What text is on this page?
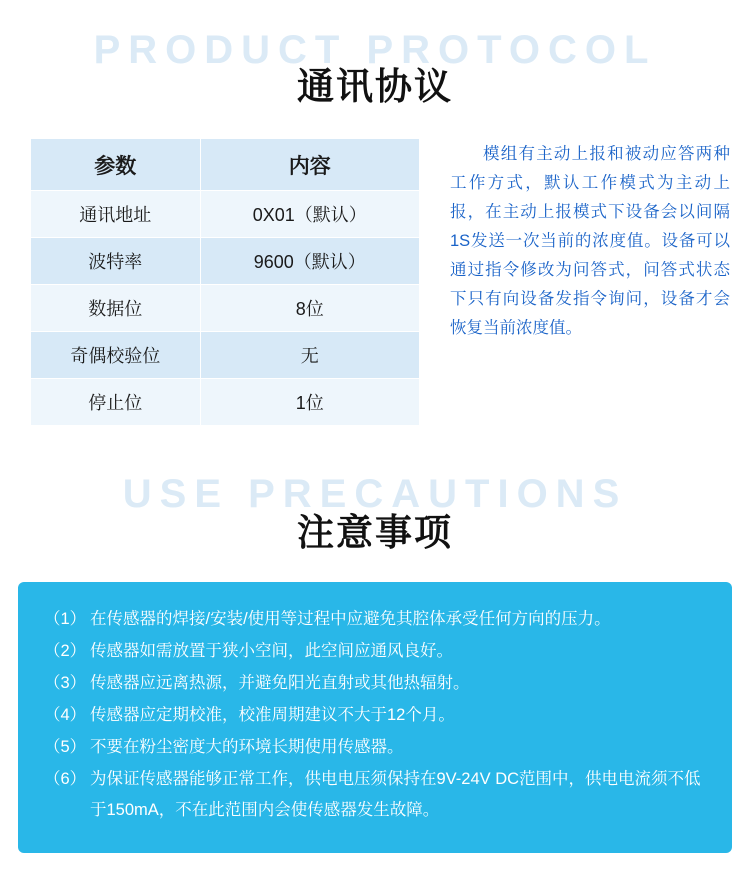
PRODUCT PROTOCOL
通讯协议
参数	内容
通讯地址	0X01（默认）
波特率	9600（默认）
数据位	8位
奇偶校验位	无
停止位	1位
模组有主动上报和被动应答两种工作方式，默认工作模式为主动上报，在主动上报模式下设备会以间隔1S发送一次当前的浓度值。设备可以通过指令修改为问答式，问答式状态下只有向设备发指令询问，设备才会恢复当前浓度值。
USE PRECAUTIONS
注意事项
（1） 在传感器的焊接/安装/使用等过程中应避免其腔体承受任何方向的压力。
（2） 传感器如需放置于狭小空间，此空间应通风良好。
（3） 传感器应远离热源，并避免阳光直射或其他热辐射。
（4） 传感器应定期校准，校准周期建议不大于12个月。
（5） 不要在粉尘密度大的环境长期使用传感器。
（6） 为保证传感器能够正常工作，供电电压须保持在9V-24V DC范围中，供电电流须不低于150mA，不在此范围内会使传感器发生故障。
